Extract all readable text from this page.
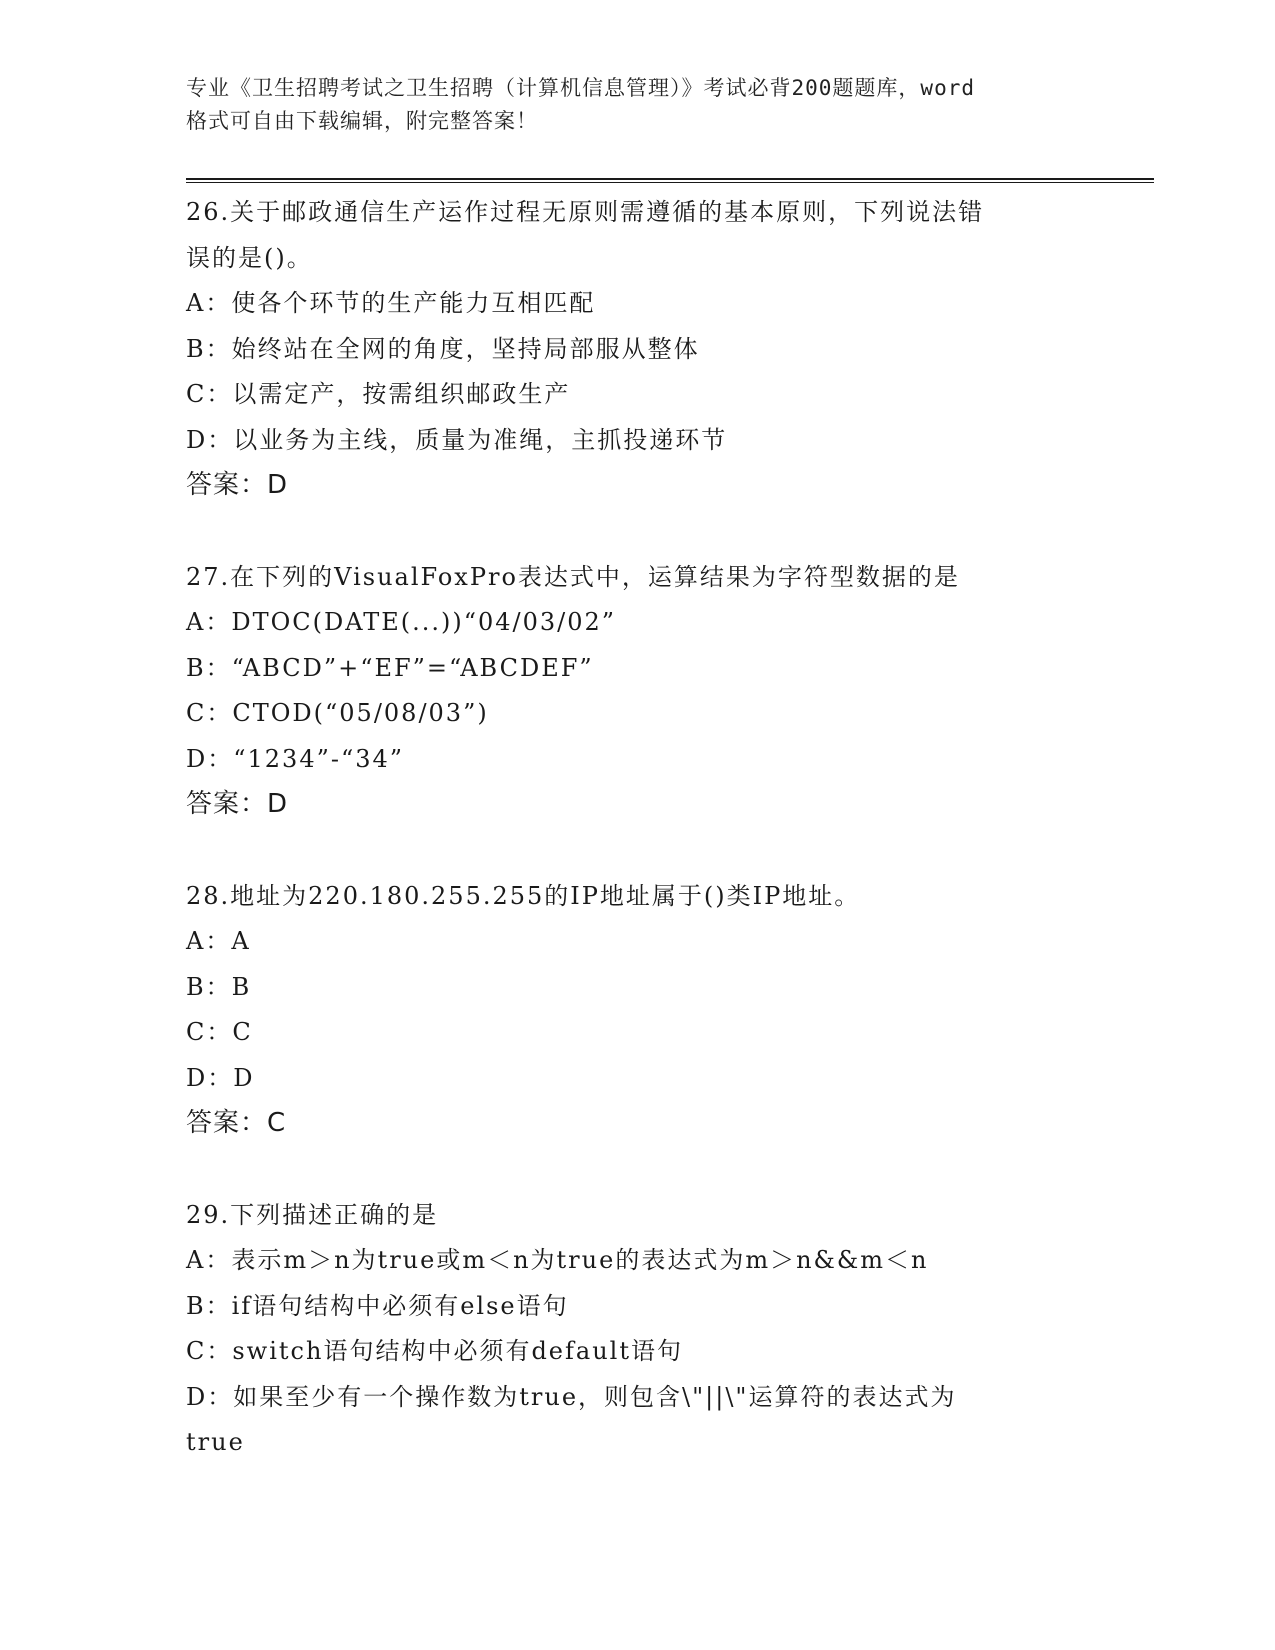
专业《卫生招聘考试之卫生招聘（计算机信息管理）》考试必背200题题库，word
格式可自由下载编辑，附完整答案！
26.关于邮政通信生产运作过程无原则需遵循的基本原则，下列说法错
误的是()。
A：使各个环节的生产能力互相匹配
B：始终站在全网的角度，坚持局部服从整体
C：以需定产，按需组织邮政生产
D：以业务为主线，质量为准绳，主抓投递环节
答案：D
27.在下列的VisualFoxPro表达式中，运算结果为字符型数据的是
A：DTOC(DATE(...))“04/03/02”
B：“ABCD”+“EF”=“ABCDEF”
C：CTOD(“05/08/03”)
D：“1234”-“34”
答案：D
28.地址为220.180.255.255的IP地址属于()类IP地址。
A：A
B：B
C：C
D：D
答案：C
29.下列描述正确的是
A：表示m＞n为true或m＜n为true的表达式为m＞n&&m＜n
B：if语句结构中必须有else语句
C：switch语句结构中必须有default语句
D：如果至少有一个操作数为true，则包含\"||\"运算符的表达式为
true
